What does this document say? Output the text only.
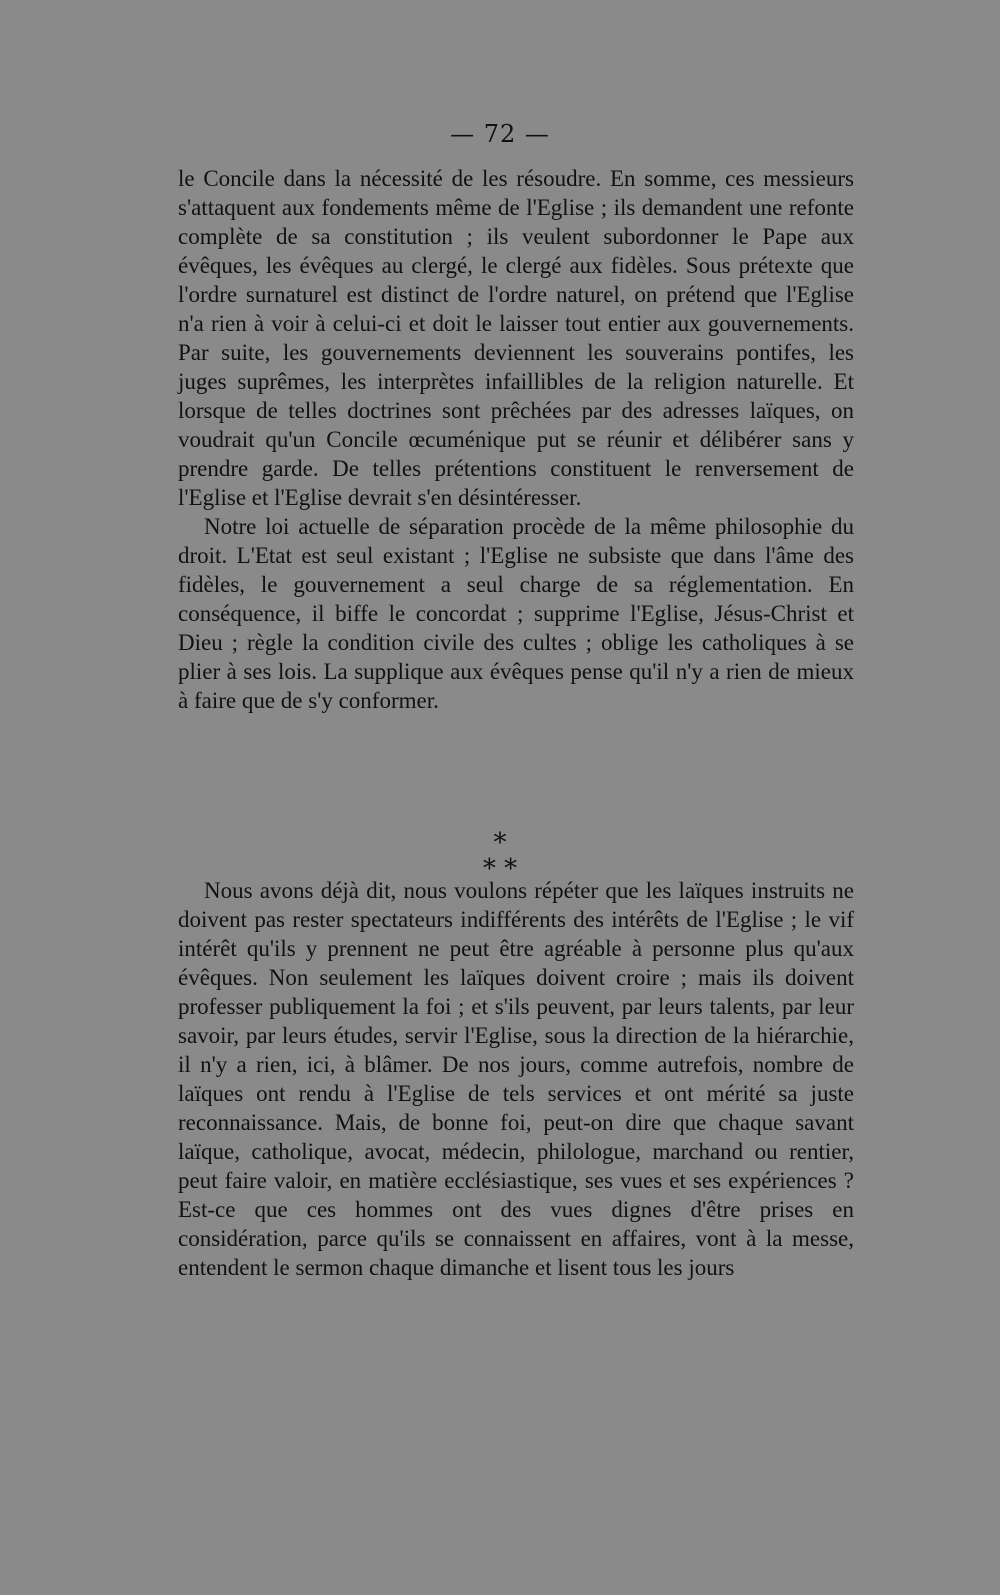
— 72 —

le Concile dans la nécessité de les résoudre. En somme, ces messieurs s'attaquent aux fondements même de l'Eglise ; ils demandent une refonte complète de sa constitution ; ils veulent subordonner le Pape aux évêques, les évêques au clergé, le clergé aux fidèles. Sous prétexte que l'ordre surnaturel est distinct de l'ordre naturel, on prétend que l'Eglise n'a rien à voir à celui-ci et doit le laisser tout entier aux gouvernements. Par suite, les gouvernements deviennent les souverains pontifes, les juges suprêmes, les interprètes infaillibles de la religion naturelle. Et lorsque de telles doctrines sont prêchées par des adresses laïques, on voudrait qu'un Concile œcuménique put se réunir et délibérer sans y prendre garde. De telles prétentions constituent le renversement de l'Eglise et l'Eglise devrait s'en désintéresser.

Notre loi actuelle de séparation procède de la même philosophie du droit. L'Etat est seul existant ; l'Eglise ne subsiste que dans l'âme des fidèles, le gouvernement a seul charge de sa réglementation. En conséquence, il biffe le concordat ; supprime l'Eglise, Jésus-Christ et Dieu ; règle la condition civile des cultes ; oblige les catholiques à se plier à ses lois. La supplique aux évêques pense qu'il n'y a rien de mieux à faire que de s'y conformer.

*
* *

Nous avons déjà dit, nous voulons répéter que les laïques instruits ne doivent pas rester spectateurs indifférents des intérêts de l'Eglise ; le vif intérêt qu'ils y prennent ne peut être agréable à personne plus qu'aux évêques. Non seulement les laïques doivent croire ; mais ils doivent professer publiquement la foi ; et s'ils peuvent, par leurs talents, par leur savoir, par leurs études, servir l'Eglise, sous la direction de la hiérarchie, il n'y a rien, ici, à blâmer. De nos jours, comme autrefois, nombre de laïques ont rendu à l'Eglise de tels services et ont mérité sa juste reconnaissance. Mais, de bonne foi, peut-on dire que chaque savant laïque, catholique, avocat, médecin, philologue, marchand ou rentier, peut faire valoir, en matière ecclésiastique, ses vues et ses expériences ? Est-ce que ces hommes ont des vues dignes d'être prises en considération, parce qu'ils se connaissent en affaires, vont à la messe, entendent le sermon chaque dimanche et lisent tous les jours
